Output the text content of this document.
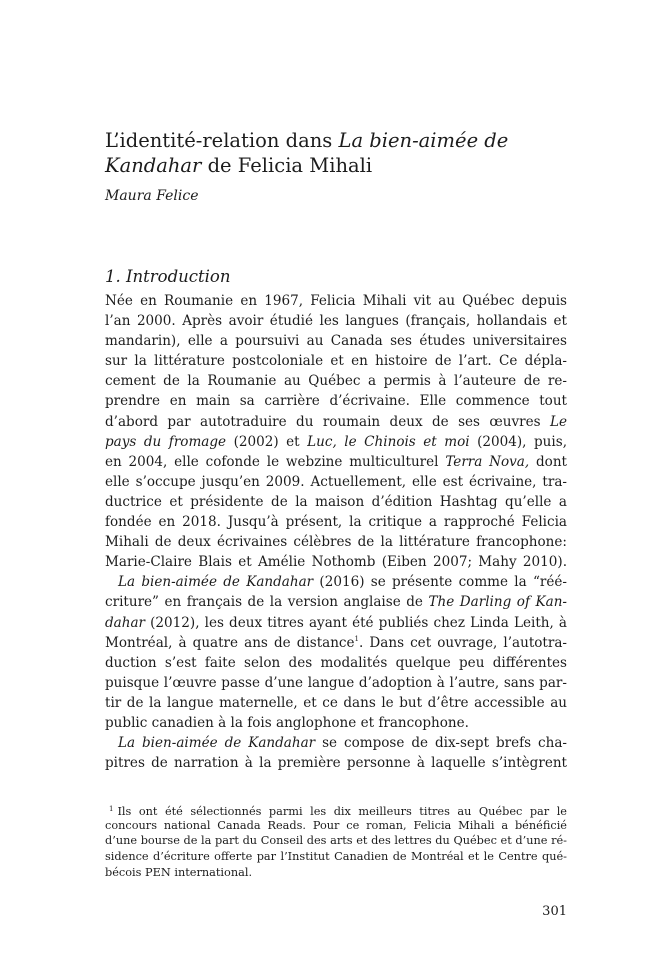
L’identité-relation dans La bien-aimée de
Kandahar de Felicia Mihali
Maura Felice
1. Introduction
Née en Roumanie en 1967, Felicia Mihali vit au Québec depuis
l’an 2000. Après avoir étudié les langues (français, hollandais et
mandarin), elle a poursuivi au Canada ses études universitaires
sur la littérature postcoloniale et en histoire de l’art. Ce dépla-
cement de la Roumanie au Québec a permis à l’auteure de re-
prendre en main sa carrière d’écrivaine. Elle commence tout
d’abord par autotraduire du roumain deux de ses œuvres Le
pays du fromage (2002) et Luc, le Chinois et moi (2004), puis,
en 2004, elle cofonde le webzine multiculturel Terra Nova, dont
elle s’occupe jusqu’en 2009. Actuellement, elle est écrivaine, tra-
ductrice et présidente de la maison d’édition Hashtag qu’elle a
fondée en 2018. Jusqu’à présent, la critique a rapproché Felicia
Mihali de deux écrivaines célèbres de la littérature francophone:
Marie-Claire Blais et Amélie Nothomb (Eiben 2007; Mahy 2010).
La bien-aimée de Kandahar (2016) se présente comme la “réé-
criture” en français de la version anglaise de The Darling of Kan-
dahar (2012), les deux titres ayant été publiés chez Linda Leith, à
Montréal, à quatre ans de distance$^1$. Dans cet ouvrage, l’autotra-
duction s’est faite selon des modalités quelque peu différentes
puisque l’œuvre passe d’une langue d’adoption à l’autre, sans par-
tir de la langue maternelle, et ce dans le but d’être accessible au
public canadien à la fois anglophone et francophone.
La bien-aimée de Kandahar se compose de dix-sept brefs cha-
pitres de narration à la première personne à laquelle s’intègrent
$^1$ Ils ont été sélectionnés parmi les dix meilleurs titres au Québec par le
concours national Canada Reads. Pour ce roman, Felicia Mihali a bénéficié
d’une bourse de la part du Conseil des arts et des lettres du Québec et d’une ré-
sidence d’écriture offerte par l’Institut Canadien de Montréal et le Centre qué-
bécois PEN international.
301
